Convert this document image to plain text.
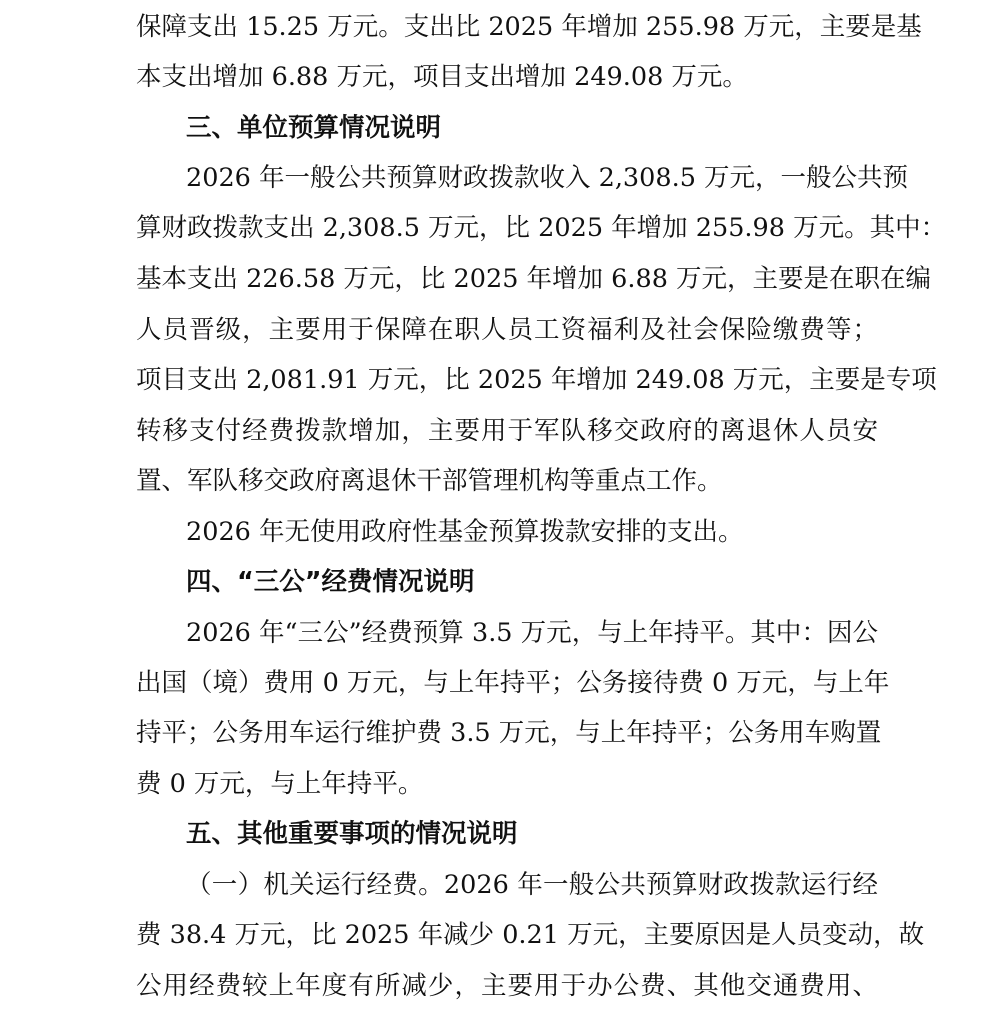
保障支出 15.25 万元。支出比 2025 年增加 255.98 万元，主要是基
本支出增加 6.88 万元，项目支出增加 249.08 万元。
三、单位预算情况说明
2026 年一般公共预算财政拨款收入 2,308.5 万元，一般公共预
算财政拨款支出 2,308.5 万元，比 2025 年增加 255.98 万元。其中：
基本支出 226.58 万元，比 2025 年增加 6.88 万元，主要是在职在编
人员晋级，主要用于保障在职人员工资福利及社会保险缴费等；
项目支出 2,081.91 万元，比 2025 年增加 249.08 万元，主要是专项
转移支付经费拨款增加，主要用于军队移交政府的离退休人员安
置、军队移交政府离退休干部管理机构等重点工作。
2026 年无使用政府性基金预算拨款安排的支出。
四、“三公”经费情况说明
2026 年“三公”经费预算 3.5 万元，与上年持平。其中：因公
出国（境）费用 0 万元，与上年持平；公务接待费 0 万元，与上年
持平；公务用车运行维护费 3.5 万元，与上年持平；公务用车购置
费 0 万元，与上年持平。
五、其他重要事项的情况说明
（一）机关运行经费。2026 年一般公共预算财政拨款运行经
费 38.4 万元，比 2025 年减少 0.21 万元，主要原因是人员变动，故
公用经费较上年度有所减少，主要用于办公费、其他交通费用、
